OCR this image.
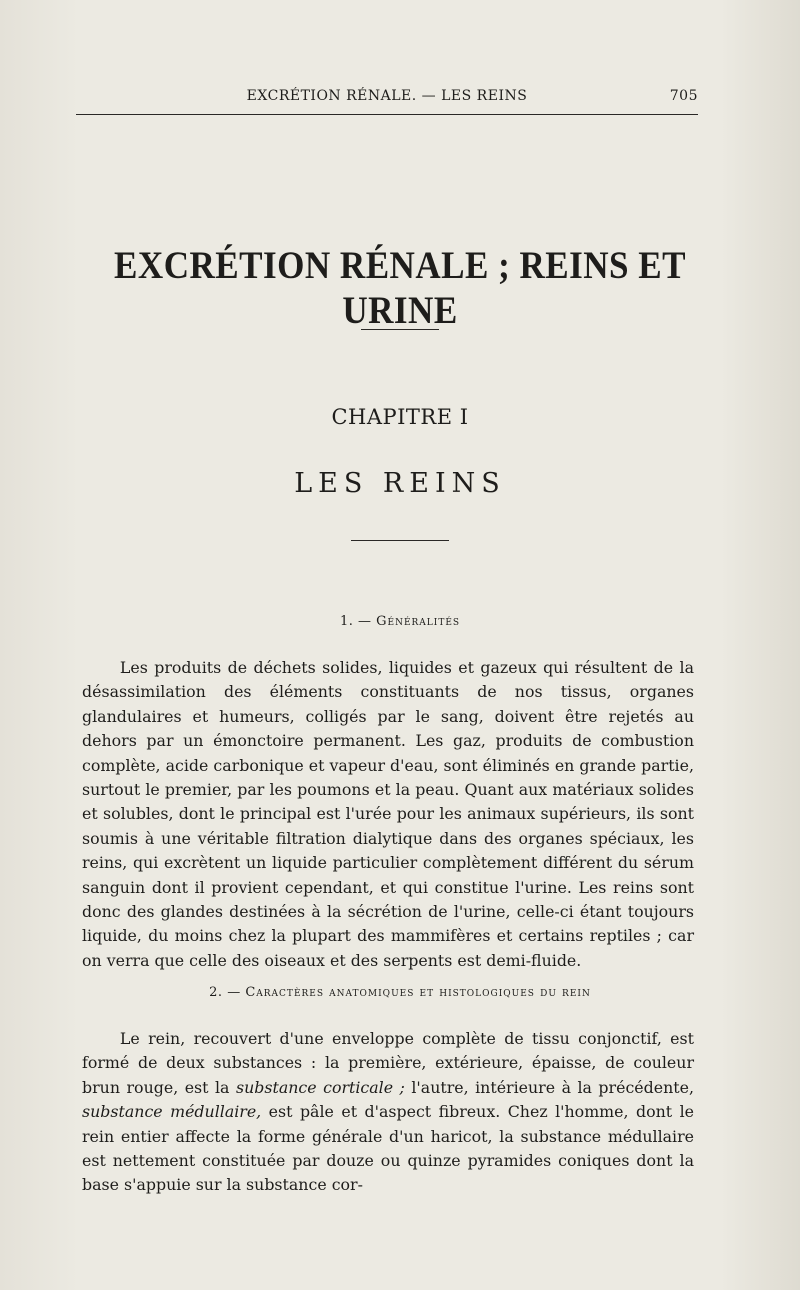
EXCRÉTION RÉNALE. — LES REINS	705
EXCRÉTION RÉNALE ; REINS ET URINE
CHAPITRE I
LES REINS
1. — Généralités

Les produits de déchets solides, liquides et gazeux qui résultent de la désassimilation des éléments constituants de nos tissus, organes glandulaires et humeurs, colligés par le sang, doivent être rejetés au dehors par un émonctoire permanent. Les gaz, produits de combustion complète, acide carbonique et vapeur d'eau, sont éliminés en grande partie, surtout le premier, par les poumons et la peau. Quant aux matériaux solides et solubles, dont le principal est l'urée pour les animaux supérieurs, ils sont soumis à une véritable filtration dialytique dans des organes spéciaux, les reins, qui excrètent un liquide particulier complètement différent du sérum sanguin dont il provient cependant, et qui constitue l'urine. Les reins sont donc des glandes destinées à la sécrétion de l'urine, celle-ci étant toujours liquide, du moins chez la plupart des mammifères et certains reptiles ; car on verra que celle des oiseaux et des serpents est demi-fluide.

2. — Caractères anatomiques et histologiques du rein

Le rein, recouvert d'une enveloppe complète de tissu conjonctif, est formé de deux substances : la première, extérieure, épaisse, de couleur brun rouge, est la substance corticale ; l'autre, intérieure à la précédente, substance médullaire, est pâle et d'aspect fibreux. Chez l'homme, dont le rein entier affecte la forme générale d'un haricot, la substance médullaire est nettement constituée par douze ou quinze pyramides coniques dont la base s'appuie sur la substance cor-
